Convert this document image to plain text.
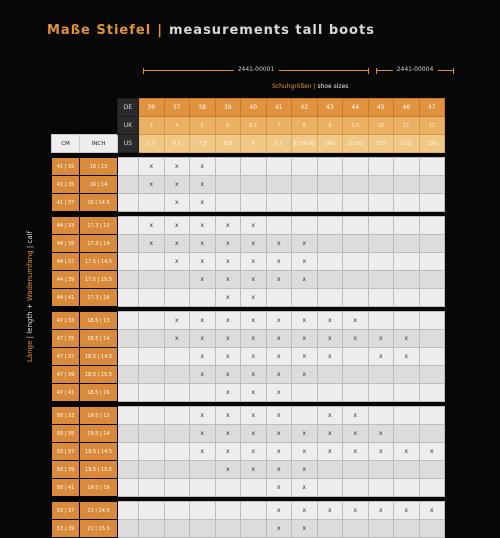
Maße Stiefel | measurements tall boots
2441-00001	2441-00004
Schuhgrößen | shoe sizes
Länge | length + Wadenumfang | calf
		DE	36	37	38	39	40	41	42	43	44	45	46	47
		UK	3	4	5	6	6.5	7	8	9	9.5	10	11	12
CM	INCH	US	5.5	6.5	7.5	8.5	9	9.5	8.5/9.5G	10G	10.5G	11G	12G	13G

41 | 35	16 | 13		x	x	x									
41 | 35	16 | 14		x	x	x									
41 | 37	16 | 14.5			x	x									

44 | 33	17.3 | 13		x	x	x	x	x							
44 | 35	17.3 | 14		x	x	x	x	x	x	x					
44 | 37	17.5 | 14.5			x	x	x	x	x	x					
44 | 39	17.5 | 15.5				x	x	x	x	x					
44 | 41	17.3 | 16					x	x							

47 | 33	18.5 | 13			x	x	x	x	x	x	x	x			
47 | 35	18.5 | 14			x	x	x	x	x	x	x	x	x	x	
47 | 37	18.5 | 14.5				x	x	x	x	x	x		x	x	
47 | 39	18.5 | 15.5				x	x	x	x	x					
47 | 41	18.5 | 16					x	x	x						

50 | 33	19.5 | 13				x	x	x	x		x	x			
50 | 35	19.5 | 14				x	x	x	x	x	x	x	x		
50 | 37	19.5 | 14.5				x	x	x	x	x	x	x	x	x	x
50 | 39	19.5 | 15.5					x	x	x	x					
50 | 41	19.5 | 16							x	x					

53 | 37	21 | 14.5							x	x	x	x	x	x	x
53 | 39	21 | 15.5							x	x					
